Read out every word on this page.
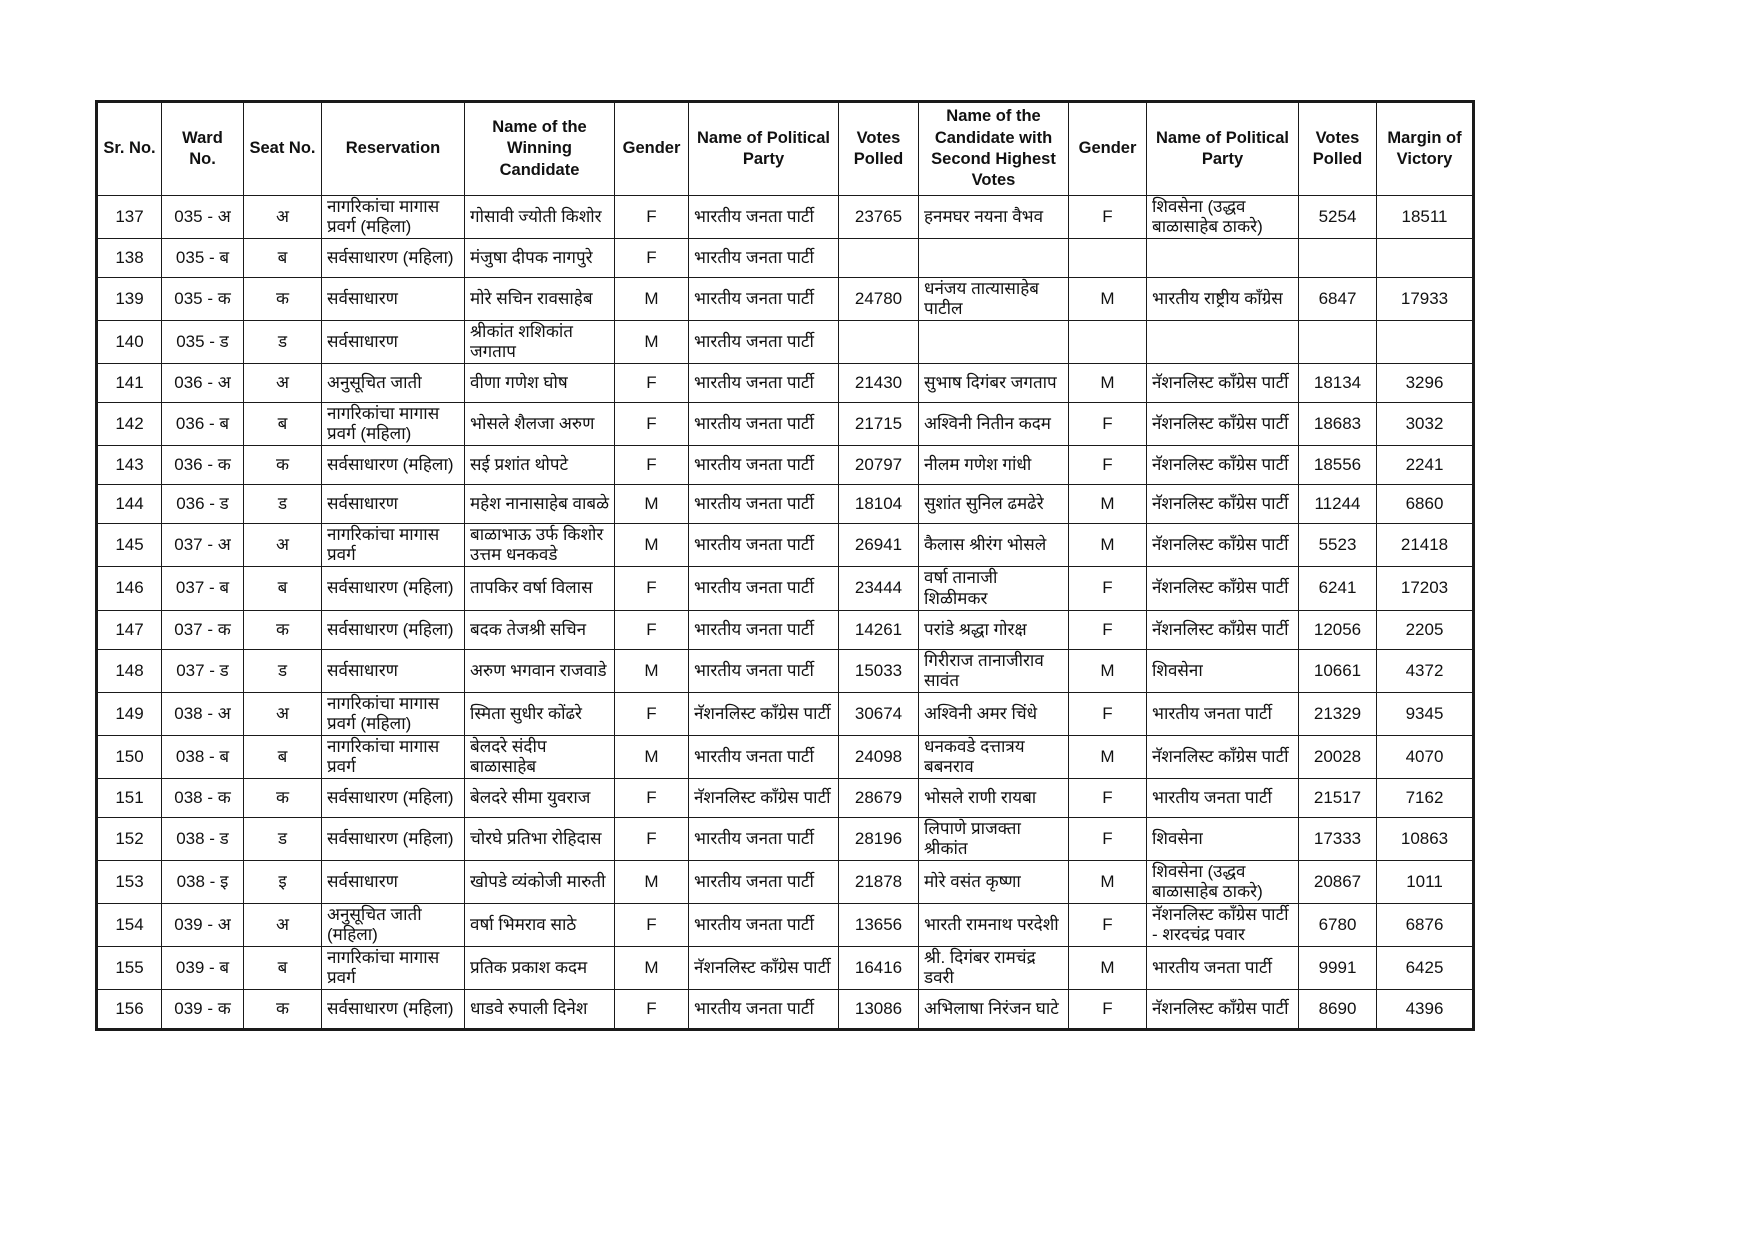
Sr. No.	Ward No.	Seat No.	Reservation	Name of the Winning Candidate	Gender	Name of Political Party	Votes Polled	Name of the Candidate with Second Highest Votes	Gender	Name of Political Party	Votes Polled	Margin of Victory
137	035 - अ	अ	नागरिकांचा मागास प्रवर्ग (महिला)	गोसावी ज्योती किशोर	F	भारतीय जनता पार्टी	23765	हनमघर नयना वैभव	F	शिवसेना (उद्धव बाळासाहेब ठाकरे)	5254	18511
138	035 - ब	ब	सर्वसाधारण (महिला)	मंजुषा दीपक नागपुरे	F	भारतीय जनता पार्टी						
139	035 - क	क	सर्वसाधारण	मोरे सचिन रावसाहेब	M	भारतीय जनता पार्टी	24780	धनंजय तात्यासाहेब पाटील	M	भारतीय राष्ट्रीय काँग्रेस	6847	17933
140	035 - ड	ड	सर्वसाधारण	श्रीकांत शशिकांत जगताप	M	भारतीय जनता पार्टी						
141	036 - अ	अ	अनुसूचित जाती	वीणा गणेश घोष	F	भारतीय जनता पार्टी	21430	सुभाष दिगंबर जगताप	M	नॅशनलिस्ट काँग्रेस पार्टी	18134	3296
142	036 - ब	ब	नागरिकांचा मागास प्रवर्ग (महिला)	भोसले शैलजा अरुण	F	भारतीय जनता पार्टी	21715	अश्विनी नितीन कदम	F	नॅशनलिस्ट काँग्रेस पार्टी	18683	3032
143	036 - क	क	सर्वसाधारण (महिला)	सई प्रशांत थोपटे	F	भारतीय जनता पार्टी	20797	नीलम गणेश गांधी	F	नॅशनलिस्ट काँग्रेस पार्टी	18556	2241
144	036 - ड	ड	सर्वसाधारण	महेश नानासाहेब वाबळे	M	भारतीय जनता पार्टी	18104	सुशांत सुनिल ढमढेरे	M	नॅशनलिस्ट काँग्रेस पार्टी	11244	6860
145	037 - अ	अ	नागरिकांचा मागास प्रवर्ग	बाळाभाऊ उर्फ किशोर उत्तम धनकवडे	M	भारतीय जनता पार्टी	26941	कैलास श्रीरंग भोसले	M	नॅशनलिस्ट काँग्रेस पार्टी	5523	21418
146	037 - ब	ब	सर्वसाधारण (महिला)	तापकिर वर्षा विलास	F	भारतीय जनता पार्टी	23444	वर्षा तानाजी शिळीमकर	F	नॅशनलिस्ट काँग्रेस पार्टी	6241	17203
147	037 - क	क	सर्वसाधारण (महिला)	बदक तेजश्री सचिन	F	भारतीय जनता पार्टी	14261	परांडे श्रद्धा गोरक्ष	F	नॅशनलिस्ट काँग्रेस पार्टी	12056	2205
148	037 - ड	ड	सर्वसाधारण	अरुण भगवान राजवाडे	M	भारतीय जनता पार्टी	15033	गिरीराज तानाजीराव सावंत	M	शिवसेना	10661	4372
149	038 - अ	अ	नागरिकांचा मागास प्रवर्ग (महिला)	स्मिता सुधीर कोंढरे	F	नॅशनलिस्ट काँग्रेस पार्टी	30674	अश्विनी अमर चिंधे	F	भारतीय जनता पार्टी	21329	9345
150	038 - ब	ब	नागरिकांचा मागास प्रवर्ग	बेलदरे संदीप बाळासाहेब	M	भारतीय जनता पार्टी	24098	धनकवडे दत्तात्रय बबनराव	M	नॅशनलिस्ट काँग्रेस पार्टी	20028	4070
151	038 - क	क	सर्वसाधारण (महिला)	बेलदरे सीमा युवराज	F	नॅशनलिस्ट काँग्रेस पार्टी	28679	भोसले राणी रायबा	F	भारतीय जनता पार्टी	21517	7162
152	038 - ड	ड	सर्वसाधारण (महिला)	चोरघे प्रतिभा रोहिदास	F	भारतीय जनता पार्टी	28196	लिपाणे प्राजक्ता श्रीकांत	F	शिवसेना	17333	10863
153	038 - इ	इ	सर्वसाधारण	खोपडे व्यंकोजी मारुती	M	भारतीय जनता पार्टी	21878	मोरे वसंत कृष्णा	M	शिवसेना (उद्धव बाळासाहेब ठाकरे)	20867	1011
154	039 - अ	अ	अनुसूचित जाती (महिला)	वर्षा भिमराव साठे	F	भारतीय जनता पार्टी	13656	भारती रामनाथ परदेशी	F	नॅशनलिस्ट काँग्रेस पार्टी - शरदचंद्र पवार	6780	6876
155	039 - ब	ब	नागरिकांचा मागास प्रवर्ग	प्रतिक प्रकाश कदम	M	नॅशनलिस्ट काँग्रेस पार्टी	16416	श्री. दिगंबर रामचंद्र डवरी	M	भारतीय जनता पार्टी	9991	6425
156	039 - क	क	सर्वसाधारण (महिला)	धाडवे रुपाली दिनेश	F	भारतीय जनता पार्टी	13086	अभिलाषा निरंजन घाटे	F	नॅशनलिस्ट काँग्रेस पार्टी	8690	4396
